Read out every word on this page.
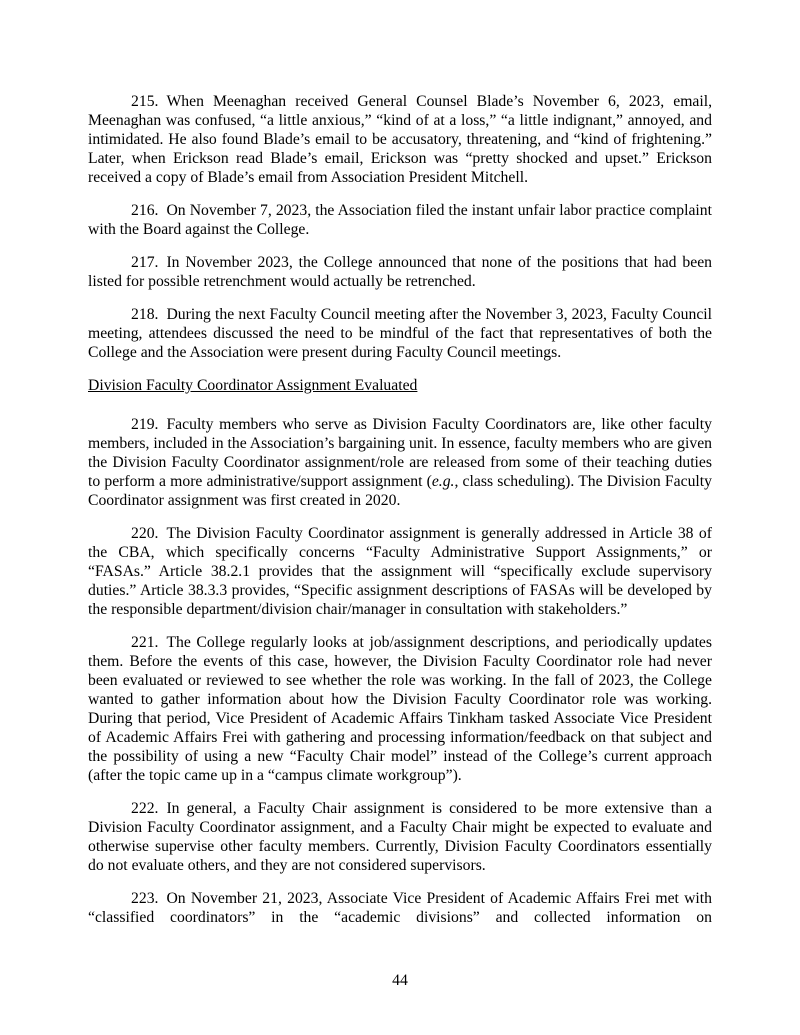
215. When Meenaghan received General Counsel Blade’s November 6, 2023, email, Meenaghan was confused, “a little anxious,” “kind of at a loss,” “a little indignant,” annoyed, and intimidated. He also found Blade’s email to be accusatory, threatening, and “kind of frightening.” Later, when Erickson read Blade’s email, Erickson was “pretty shocked and upset.” Erickson received a copy of Blade’s email from Association President Mitchell.

216. On November 7, 2023, the Association filed the instant unfair labor practice complaint with the Board against the College.

217. In November 2023, the College announced that none of the positions that had been listed for possible retrenchment would actually be retrenched.

218. During the next Faculty Council meeting after the November 3, 2023, Faculty Council meeting, attendees discussed the need to be mindful of the fact that representatives of both the College and the Association were present during Faculty Council meetings.

Division Faculty Coordinator Assignment Evaluated

219. Faculty members who serve as Division Faculty Coordinators are, like other faculty members, included in the Association’s bargaining unit. In essence, faculty members who are given the Division Faculty Coordinator assignment/role are released from some of their teaching duties to perform a more administrative/support assignment (e.g., class scheduling). The Division Faculty Coordinator assignment was first created in 2020.

220. The Division Faculty Coordinator assignment is generally addressed in Article 38 of the CBA, which specifically concerns “Faculty Administrative Support Assignments,” or “FASAs.” Article 38.2.1 provides that the assignment will “specifically exclude supervisory duties.” Article 38.3.3 provides, “Specific assignment descriptions of FASAs will be developed by the responsible department/division chair/manager in consultation with stakeholders.”

221. The College regularly looks at job/assignment descriptions, and periodically updates them. Before the events of this case, however, the Division Faculty Coordinator role had never been evaluated or reviewed to see whether the role was working. In the fall of 2023, the College wanted to gather information about how the Division Faculty Coordinator role was working. During that period, Vice President of Academic Affairs Tinkham tasked Associate Vice President of Academic Affairs Frei with gathering and processing information/feedback on that subject and the possibility of using a new “Faculty Chair model” instead of the College’s current approach (after the topic came up in a “campus climate workgroup”).

222. In general, a Faculty Chair assignment is considered to be more extensive than a Division Faculty Coordinator assignment, and a Faculty Chair might be expected to evaluate and otherwise supervise other faculty members. Currently, Division Faculty Coordinators essentially do not evaluate others, and they are not considered supervisors.

223. On November 21, 2023, Associate Vice President of Academic Affairs Frei met with “classified coordinators” in the “academic divisions” and collected information on

44
